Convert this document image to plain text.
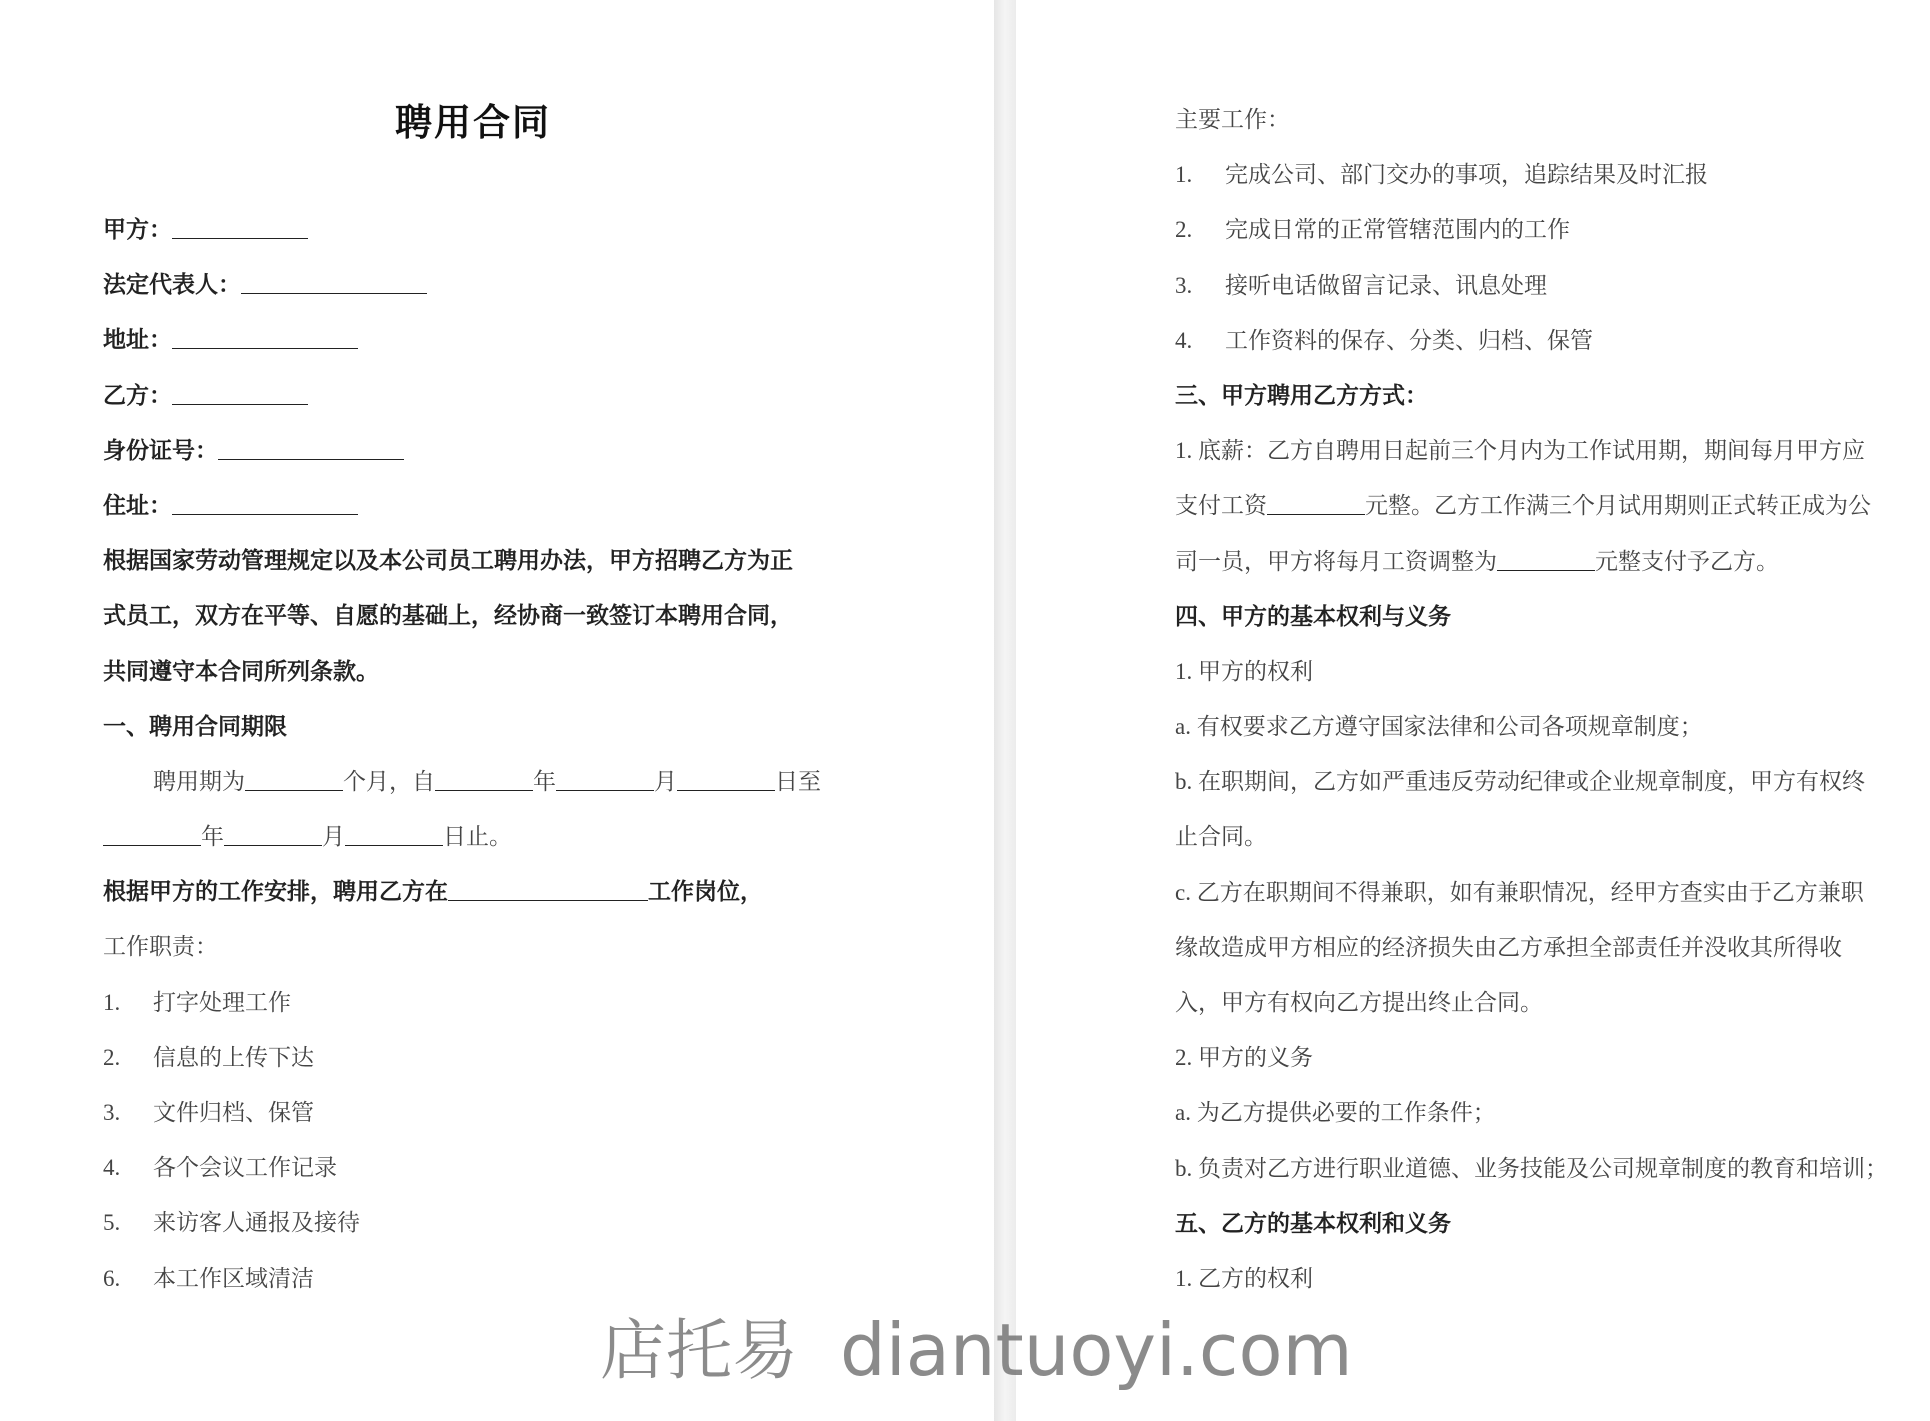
聘用合同
甲方：
法定代表人：
地址：
乙方：
身份证号：
住址：
根据国家劳动管理规定以及本公司员工聘用办法，甲方招聘乙方为正
式员工，双方在平等、自愿的基础上，经协商一致签订本聘用合同，
共同遵守本合同所列条款。
一、聘用合同期限
聘用期为	个月，自	年	月	日至
年	月	日止。
根据甲方的工作安排，聘用乙方在	工作岗位，
工作职责：
1. 打字处理工作
2. 信息的上传下达
3. 文件归档、保管
4. 各个会议工作记录
5. 来访客人通报及接待
6. 本工作区域清洁
主要工作：
1. 完成公司、部门交办的事项，追踪结果及时汇报
2. 完成日常的正常管辖范围内的工作
3. 接听电话做留言记录、讯息处理
4. 工作资料的保存、分类、归档、保管
三、甲方聘用乙方方式：
1. 底薪：乙方自聘用日起前三个月内为工作试用期，期间每月甲方应
支付工资	元整。乙方工作满三个月试用期则正式转正成为公
司一员，甲方将每月工资调整为	元整支付予乙方。
四、甲方的基本权利与义务
1. 甲方的权利
a. 有权要求乙方遵守国家法律和公司各项规章制度；
b. 在职期间，乙方如严重违反劳动纪律或企业规章制度，甲方有权终
止合同。
c. 乙方在职期间不得兼职，如有兼职情况，经甲方查实由于乙方兼职
缘故造成甲方相应的经济损失由乙方承担全部责任并没收其所得收
入，甲方有权向乙方提出终止合同。
2. 甲方的义务
a. 为乙方提供必要的工作条件；
b. 负责对乙方进行职业道德、业务技能及公司规章制度的教育和培训；
五、乙方的基本权利和义务
1. 乙方的权利
店托易 diantuoyi.com
